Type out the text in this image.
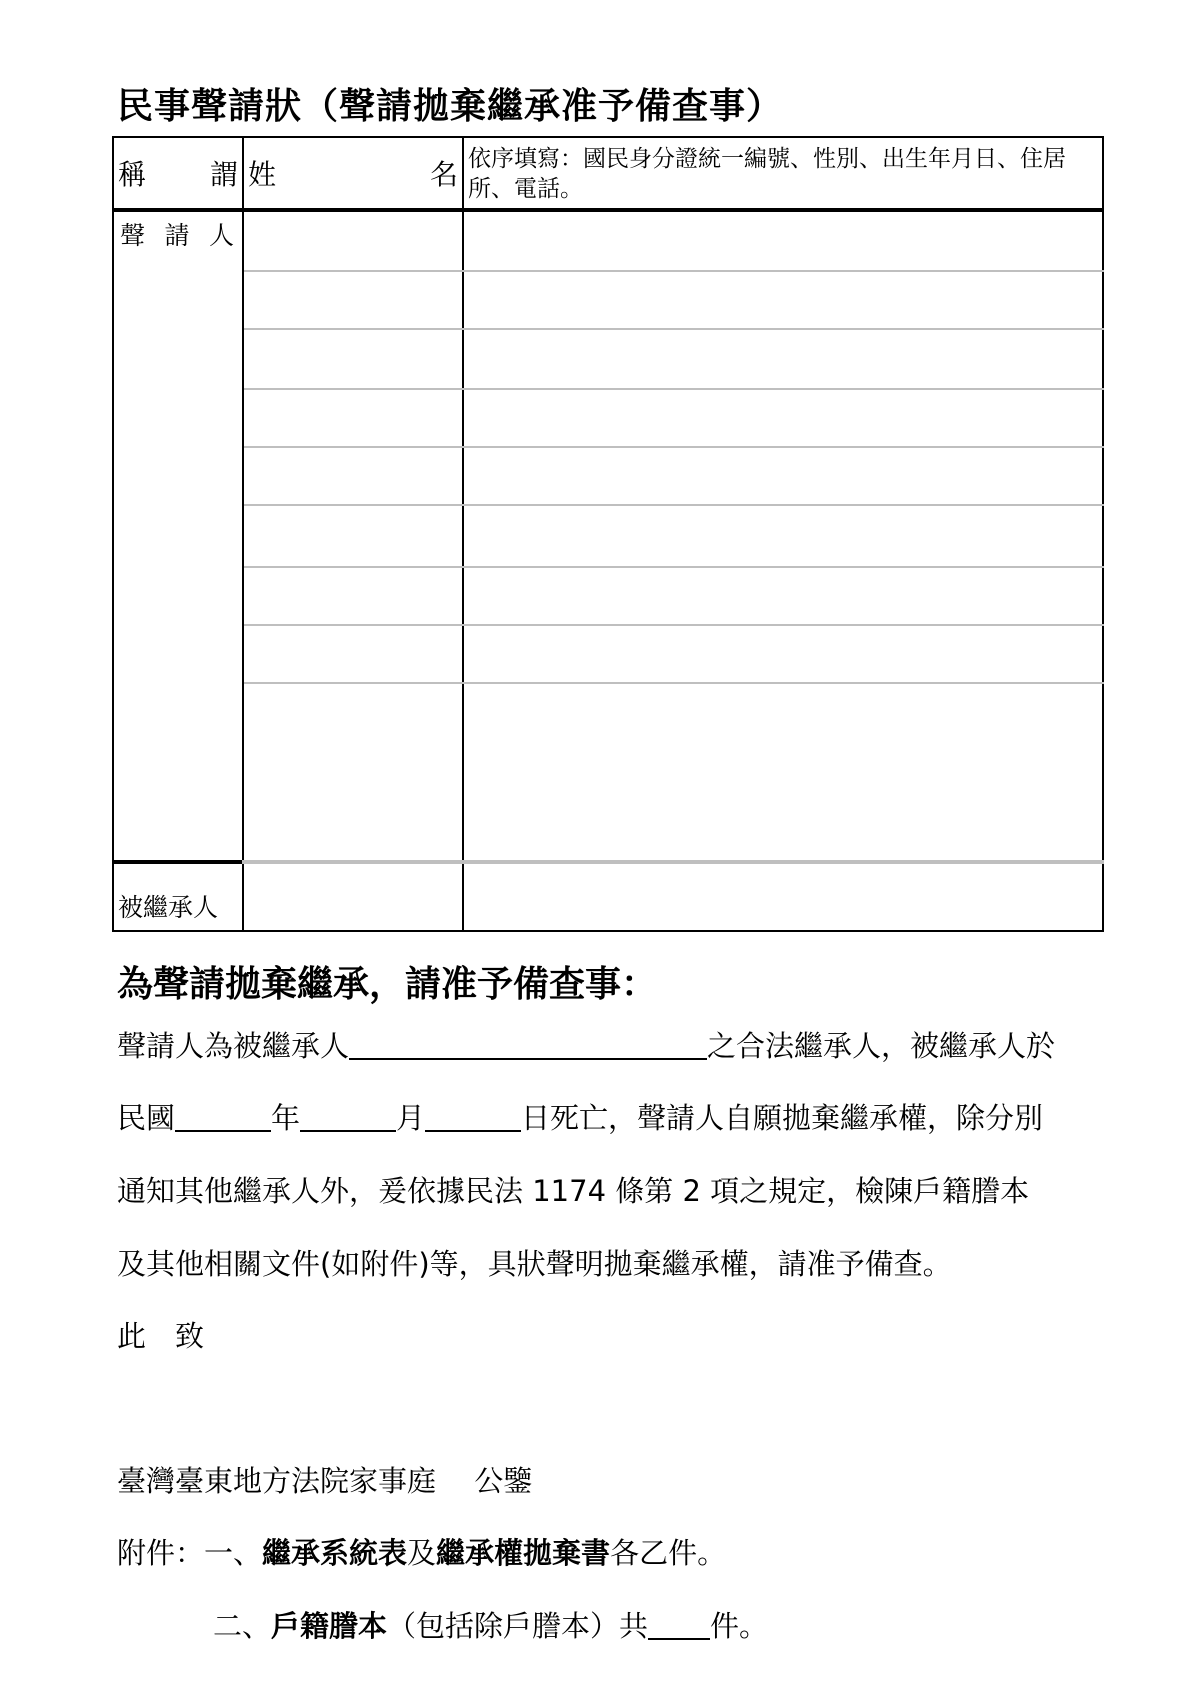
民事聲請狀（聲請拋棄繼承准予備查事）
稱 謂	姓 名	依序填寫：國民身分證統一編號、性別、出生年月日、住居所、電話。

聲 請 人		

被繼承人		
為聲請拋棄繼承，請准予備查事：
聲請人為被繼承人	之合法繼承人，被繼承人於
民國	年	月	日死亡，聲請人自願拋棄繼承權，除分別
通知其他繼承人外，爰依據民法 1174 條第 2 項之規定，檢陳戶籍謄本
及其他相關文件(如附件)等，具狀聲明拋棄繼承權，請准予備查。
此　致
臺灣臺東地方法院家事庭　 公鑒
附件：一、繼承系統表及繼承權拋棄書各乙件。
二、戶籍謄本（包括除戶謄本）共 件。
